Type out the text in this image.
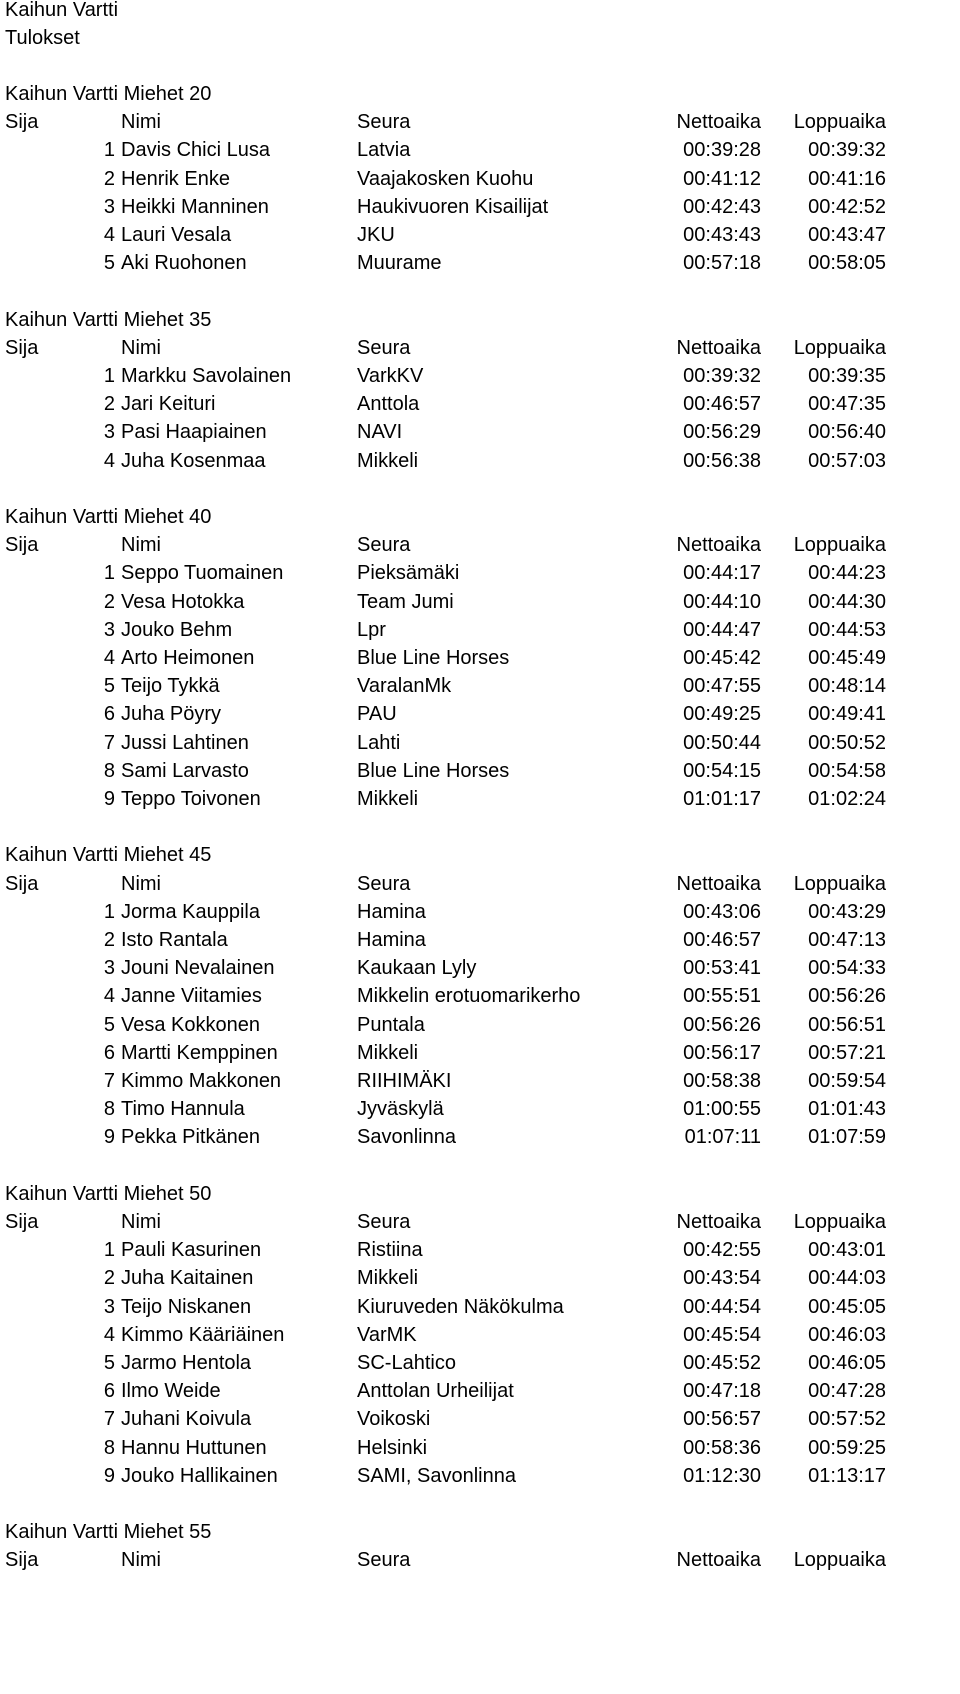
Kaihun Vartti
Tulokset
Kaihun Vartti Miehet 20
Sija	Nimi	Seura	Nettoaika	Loppuaika
1 Davis Chici Lusa	Latvia	00:39:28	00:39:32
2 Henrik Enke	Vaajakosken Kuohu	00:41:12	00:41:16
3 Heikki Manninen	Haukivuoren Kisailijat	00:42:43	00:42:52
4 Lauri Vesala	JKU	00:43:43	00:43:47
5 Aki Ruohonen	Muurame	00:57:18	00:58:05
Kaihun Vartti Miehet 35
Sija	Nimi	Seura	Nettoaika	Loppuaika
1 Markku Savolainen	VarkKV	00:39:32	00:39:35
2 Jari Keituri	Anttola	00:46:57	00:47:35
3 Pasi Haapiainen	NAVI	00:56:29	00:56:40
4 Juha Kosenmaa	Mikkeli	00:56:38	00:57:03
Kaihun Vartti Miehet 40
Sija	Nimi	Seura	Nettoaika	Loppuaika
1 Seppo Tuomainen	Pieksämäki	00:44:17	00:44:23
2 Vesa Hotokka	Team Jumi	00:44:10	00:44:30
3 Jouko Behm	Lpr	00:44:47	00:44:53
4 Arto Heimonen	Blue Line Horses	00:45:42	00:45:49
5 Teijo Tykkä	VaralanMk	00:47:55	00:48:14
6 Juha Pöyry	PAU	00:49:25	00:49:41
7 Jussi Lahtinen	Lahti	00:50:44	00:50:52
8 Sami Larvasto	Blue Line Horses	00:54:15	00:54:58
9 Teppo Toivonen	Mikkeli	01:01:17	01:02:24
Kaihun Vartti Miehet 45
Sija	Nimi	Seura	Nettoaika	Loppuaika
1 Jorma Kauppila	Hamina	00:43:06	00:43:29
2 Isto Rantala	Hamina	00:46:57	00:47:13
3 Jouni Nevalainen	Kaukaan Lyly	00:53:41	00:54:33
4 Janne Viitamies	Mikkelin erotuomarikerho	00:55:51	00:56:26
5 Vesa Kokkonen	Puntala	00:56:26	00:56:51
6 Martti Kemppinen	Mikkeli	00:56:17	00:57:21
7 Kimmo Makkonen	RIIHIMÄKI	00:58:38	00:59:54
8 Timo Hannula	Jyväskylä	01:00:55	01:01:43
9 Pekka Pitkänen	Savonlinna	01:07:11	01:07:59
Kaihun Vartti Miehet 50
Sija	Nimi	Seura	Nettoaika	Loppuaika
1 Pauli Kasurinen	Ristiina	00:42:55	00:43:01
2 Juha Kaitainen	Mikkeli	00:43:54	00:44:03
3 Teijo Niskanen	Kiuruveden Näkökulma	00:44:54	00:45:05
4 Kimmo Kääriäinen	VarMK	00:45:54	00:46:03
5 Jarmo Hentola	SC-Lahtico	00:45:52	00:46:05
6 Ilmo Weide	Anttolan Urheilijat	00:47:18	00:47:28
7 Juhani Koivula	Voikoski	00:56:57	00:57:52
8 Hannu Huttunen	Helsinki	00:58:36	00:59:25
9 Jouko Hallikainen	SAMI, Savonlinna	01:12:30	01:13:17
Kaihun Vartti Miehet 55
Sija	Nimi	Seura	Nettoaika	Loppuaika
